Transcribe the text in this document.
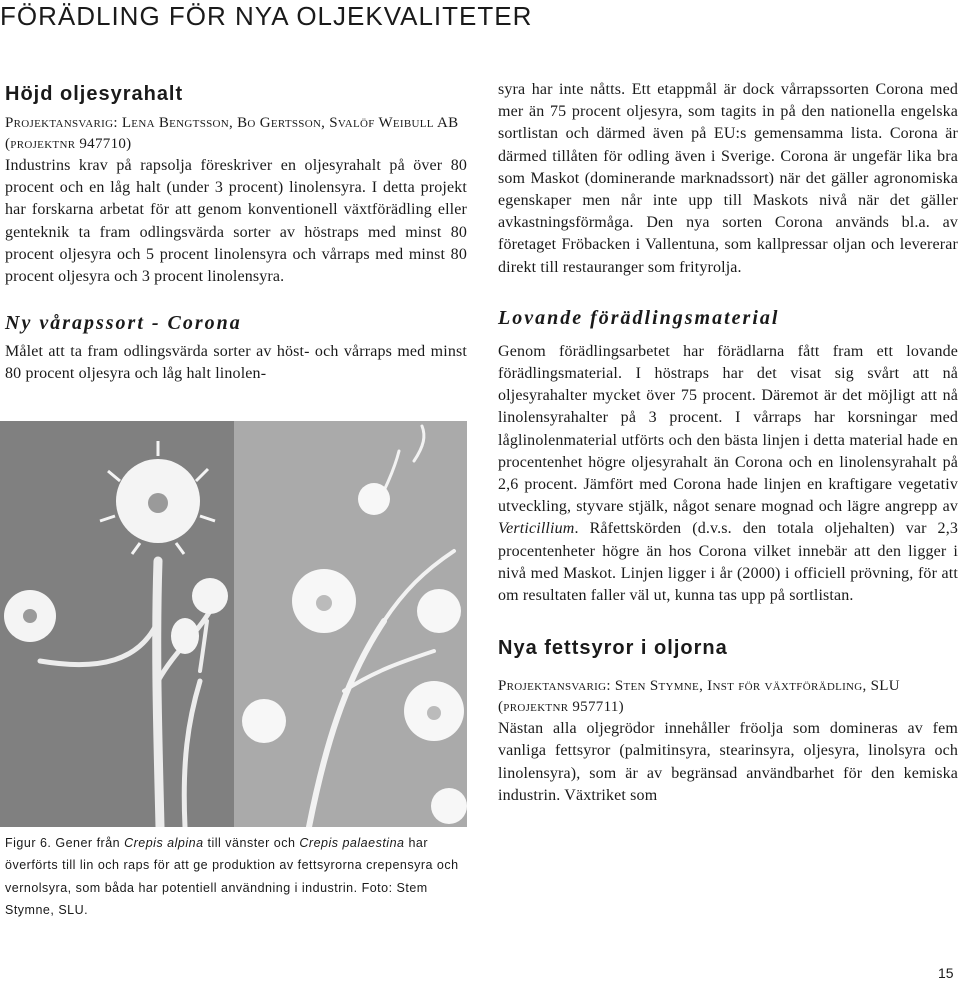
FÖRÄDLING FÖR NYA OLJEKVALITETER
Höjd oljesyrahalt

Projektansvarig: Lena Bengtsson, Bo Gertsson, Svalöf Weibull AB (projektnr 947710)

Industrins krav på rapsolja föreskriver en oljesyrahalt på över 80 procent och en låg halt (under 3 procent) linolensyra. I detta projekt har forskarna arbetat för att genom konventionell växtförädling eller genteknik ta fram odlingsvärda sorter av höstraps med minst 80 procent oljesyra och 5 procent linolensyra och vårraps med minst 80 procent oljesyra och 3 procent linolensyra.

Ny vårapssort - Corona

Målet att ta fram odlingsvärda sorter av höst- och vårraps med minst 80 procent oljesyra och låg halt linolen-

Figur 6. Gener från Crepis alpina till vänster och Crepis palaestina har överförts till lin och raps för att ge produktion av fettsyrorna crepensyra och vernolsyra, som båda har potentiell användning i industrin. Foto: Stem Stymne, SLU.

syra har inte nåtts. Ett etappmål är dock vårrapssorten Corona med mer än 75 procent oljesyra, som tagits in på den nationella engelska sortlistan och därmed även på EU:s gemensamma lista. Corona är därmed tillåten för odling även i Sverige. Corona är ungefär lika bra som Maskot (dominerande marknadssort) när det gäller agronomiska egenskaper men når inte upp till Maskots nivå när det gäller avkastningsförmåga. Den nya sorten Corona används bl.a. av företaget Fröbacken i Vallentuna, som kallpressar oljan och levererar direkt till restauranger som frityrolja.

Lovande förädlingsmaterial

Genom förädlingsarbetet har förädlarna fått fram ett lovande förädlingsmaterial. I höstraps har det visat sig svårt att nå oljesyrahalter mycket över 75 procent. Däremot är det möjligt att nå linolensyrahalter på 3 procent. I vårraps har korsningar med låglinolenmaterial utförts och den bästa linjen i detta material hade en procentenhet högre oljesyrahalt än Corona och en linolensyrahalt på 2,6 procent. Jämfört med Corona hade linjen en kraftigare vegetativ utveckling, styvare stjälk, något senare mognad och lägre angrepp av Verticillium. Råfettskörden (d.v.s. den totala oljehalten) var 2,3 procentenheter högre än hos Corona vilket innebär att den ligger i nivå med Maskot. Linjen ligger i år (2000) i officiell prövning, för att om resultaten faller väl ut, kunna tas upp på sortlistan.

Nya fettsyror i oljorna

Projektansvarig: Sten Stymne, Inst för växtförädling, SLU (projektnr 957711)

Nästan alla oljegrödor innehåller fröolja som domineras av fem vanliga fettsyror (palmitinsyra, stearinsyra, oljesyra, linolsyra och linolensyra), som är av begränsad användbarhet för den kemiska industrin. Växtriket som

15
